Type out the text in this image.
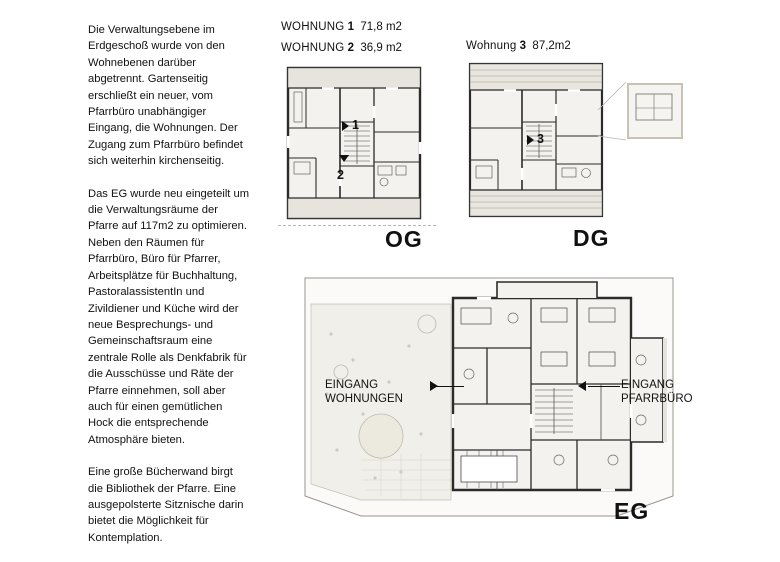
Die Verwaltungsebene im Erdgeschoß wurde von den Wohnebenen darüber abgetrennt. Gartenseitig erschließt ein neuer, vom Pfarrbüro unabhängiger Eingang, die Wohnungen. Der Zugang zum Pfarrbüro befindet sich weiterhin kirchenseitig.

Das EG wurde neu eingeteilt um die Verwaltungsräume der Pfarre auf 117m2 zu optimieren. Neben den Räumen für Pfarrbüro, Büro für Pfarrer, Arbeitsplätze für Buchhaltung, PastoralassistentIn und Zivildiener und Küche wird der neue Besprechungs- und Gemeinschaftsraum eine zentrale Rolle als Denkfabrik für die Ausschüsse und Räte der Pfarre einnehmen, soll aber auch für einen gemütlichen Hock die entsprechende Atmosphäre bieten.

Eine große Bücherwand birgt die Bibliothek der Pfarre. Eine ausgepolsterte Sitznische darin bietet die Möglichkeit für Kontemplation.

WOHNUNG 1 71,8 m2
WOHNUNG 2 36,9 m2	Wohnung 3 87,2m2
1
2
OG
3
DG
EINGANG
WOHNUNGEN
EINGANG
PFARRBÜRO
EG
